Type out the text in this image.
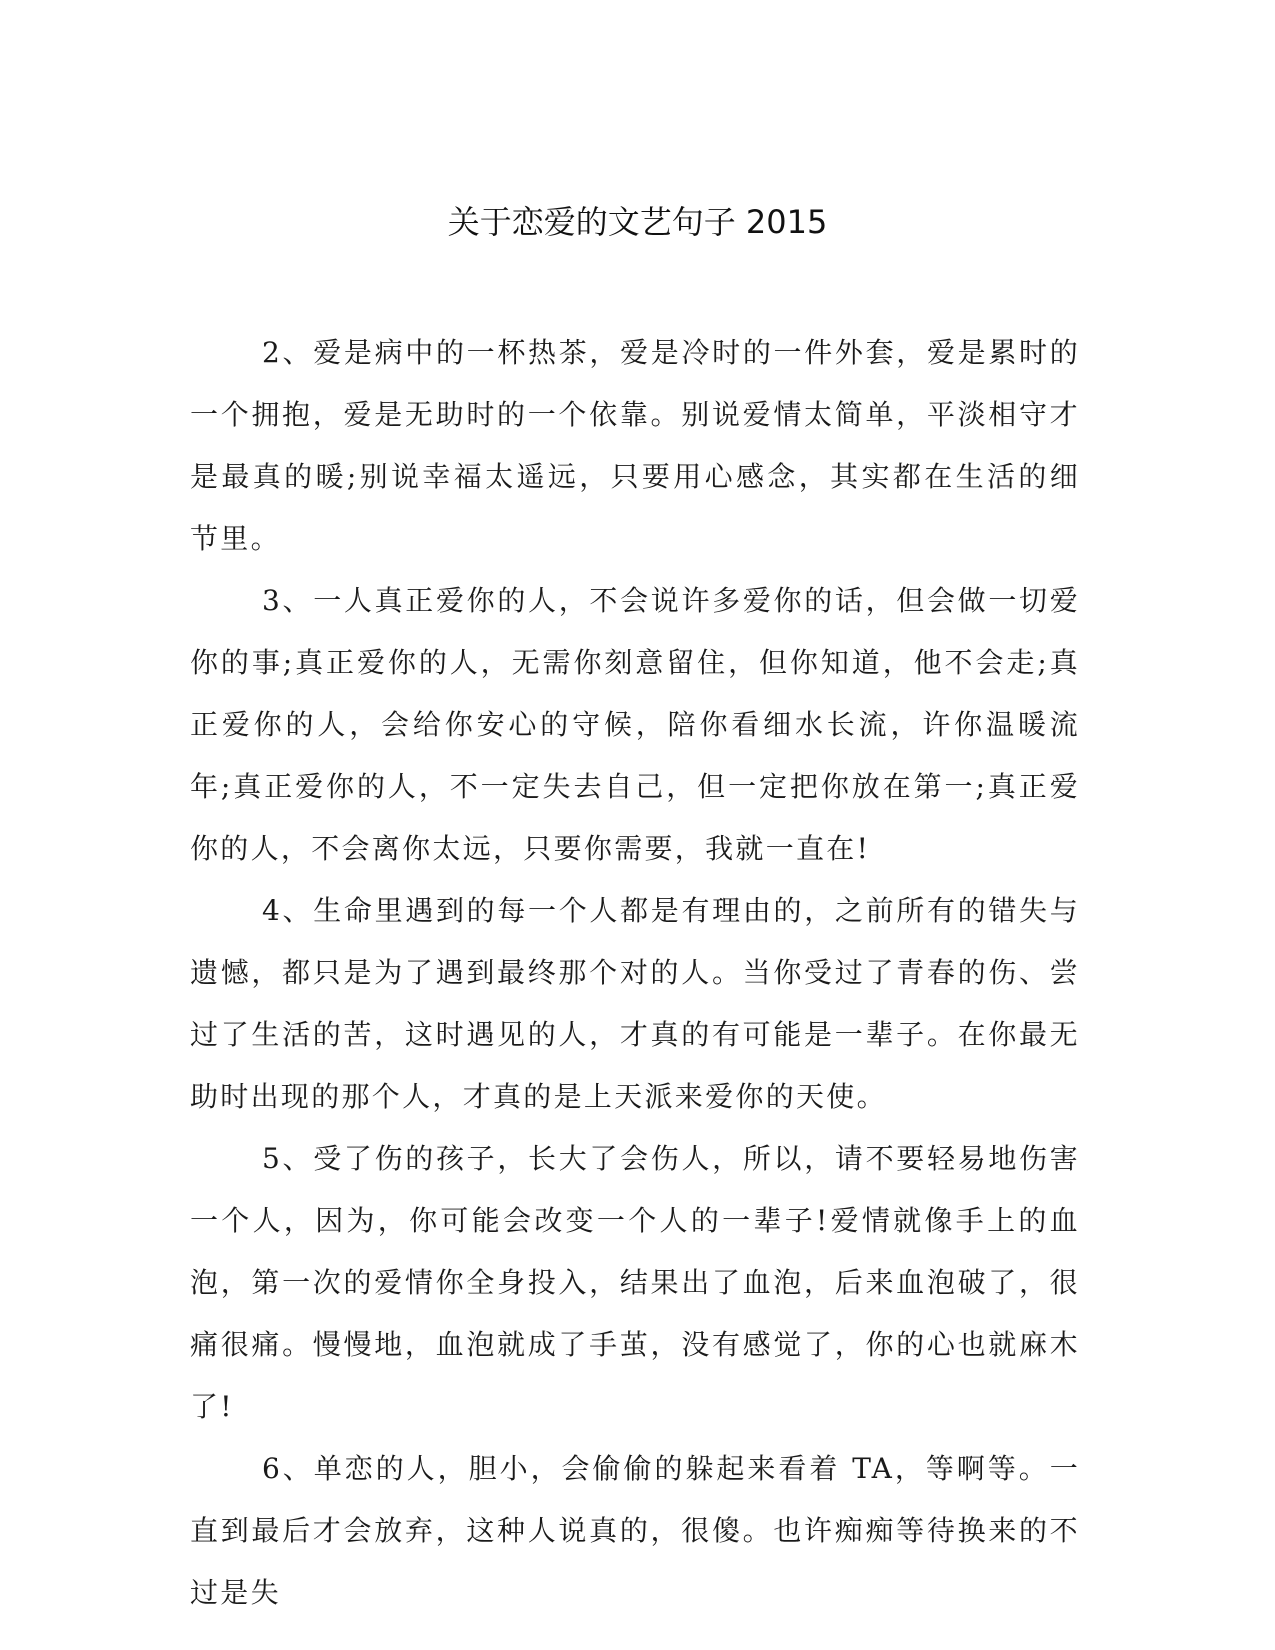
关于恋爱的文艺句子 2015

2、爱是病中的一杯热茶，爱是冷时的一件外套，爱是累时的一个拥抱，爱是无助时的一个依靠。别说爱情太简单，平淡相守才是最真的暖;别说幸福太遥远，只要用心感念，其实都在生活的细节里。

3、一人真正爱你的人，不会说许多爱你的话，但会做一切爱你的事;真正爱你的人，无需你刻意留住，但你知道，他不会走;真正爱你的人，会给你安心的守候，陪你看细水长流，许你温暖流年;真正爱你的人，不一定失去自己，但一定把你放在第一;真正爱你的人，不会离你太远，只要你需要，我就一直在!

4、生命里遇到的每一个人都是有理由的，之前所有的错失与遗憾，都只是为了遇到最终那个对的人。当你受过了青春的伤、尝过了生活的苦，这时遇见的人，才真的有可能是一辈子。在你最无助时出现的那个人，才真的是上天派来爱你的天使。

5、受了伤的孩子，长大了会伤人，所以，请不要轻易地伤害一个人，因为，你可能会改变一个人的一辈子!爱情就像手上的血泡，第一次的爱情你全身投入，结果出了血泡，后来血泡破了，很痛很痛。慢慢地，血泡就成了手茧，没有感觉了，你的心也就麻木了!

6、单恋的人，胆小，会偷偷的躲起来看着 TA，等啊等。一直到最后才会放弃，这种人说真的，很傻。也许痴痴等待换来的不过是失
